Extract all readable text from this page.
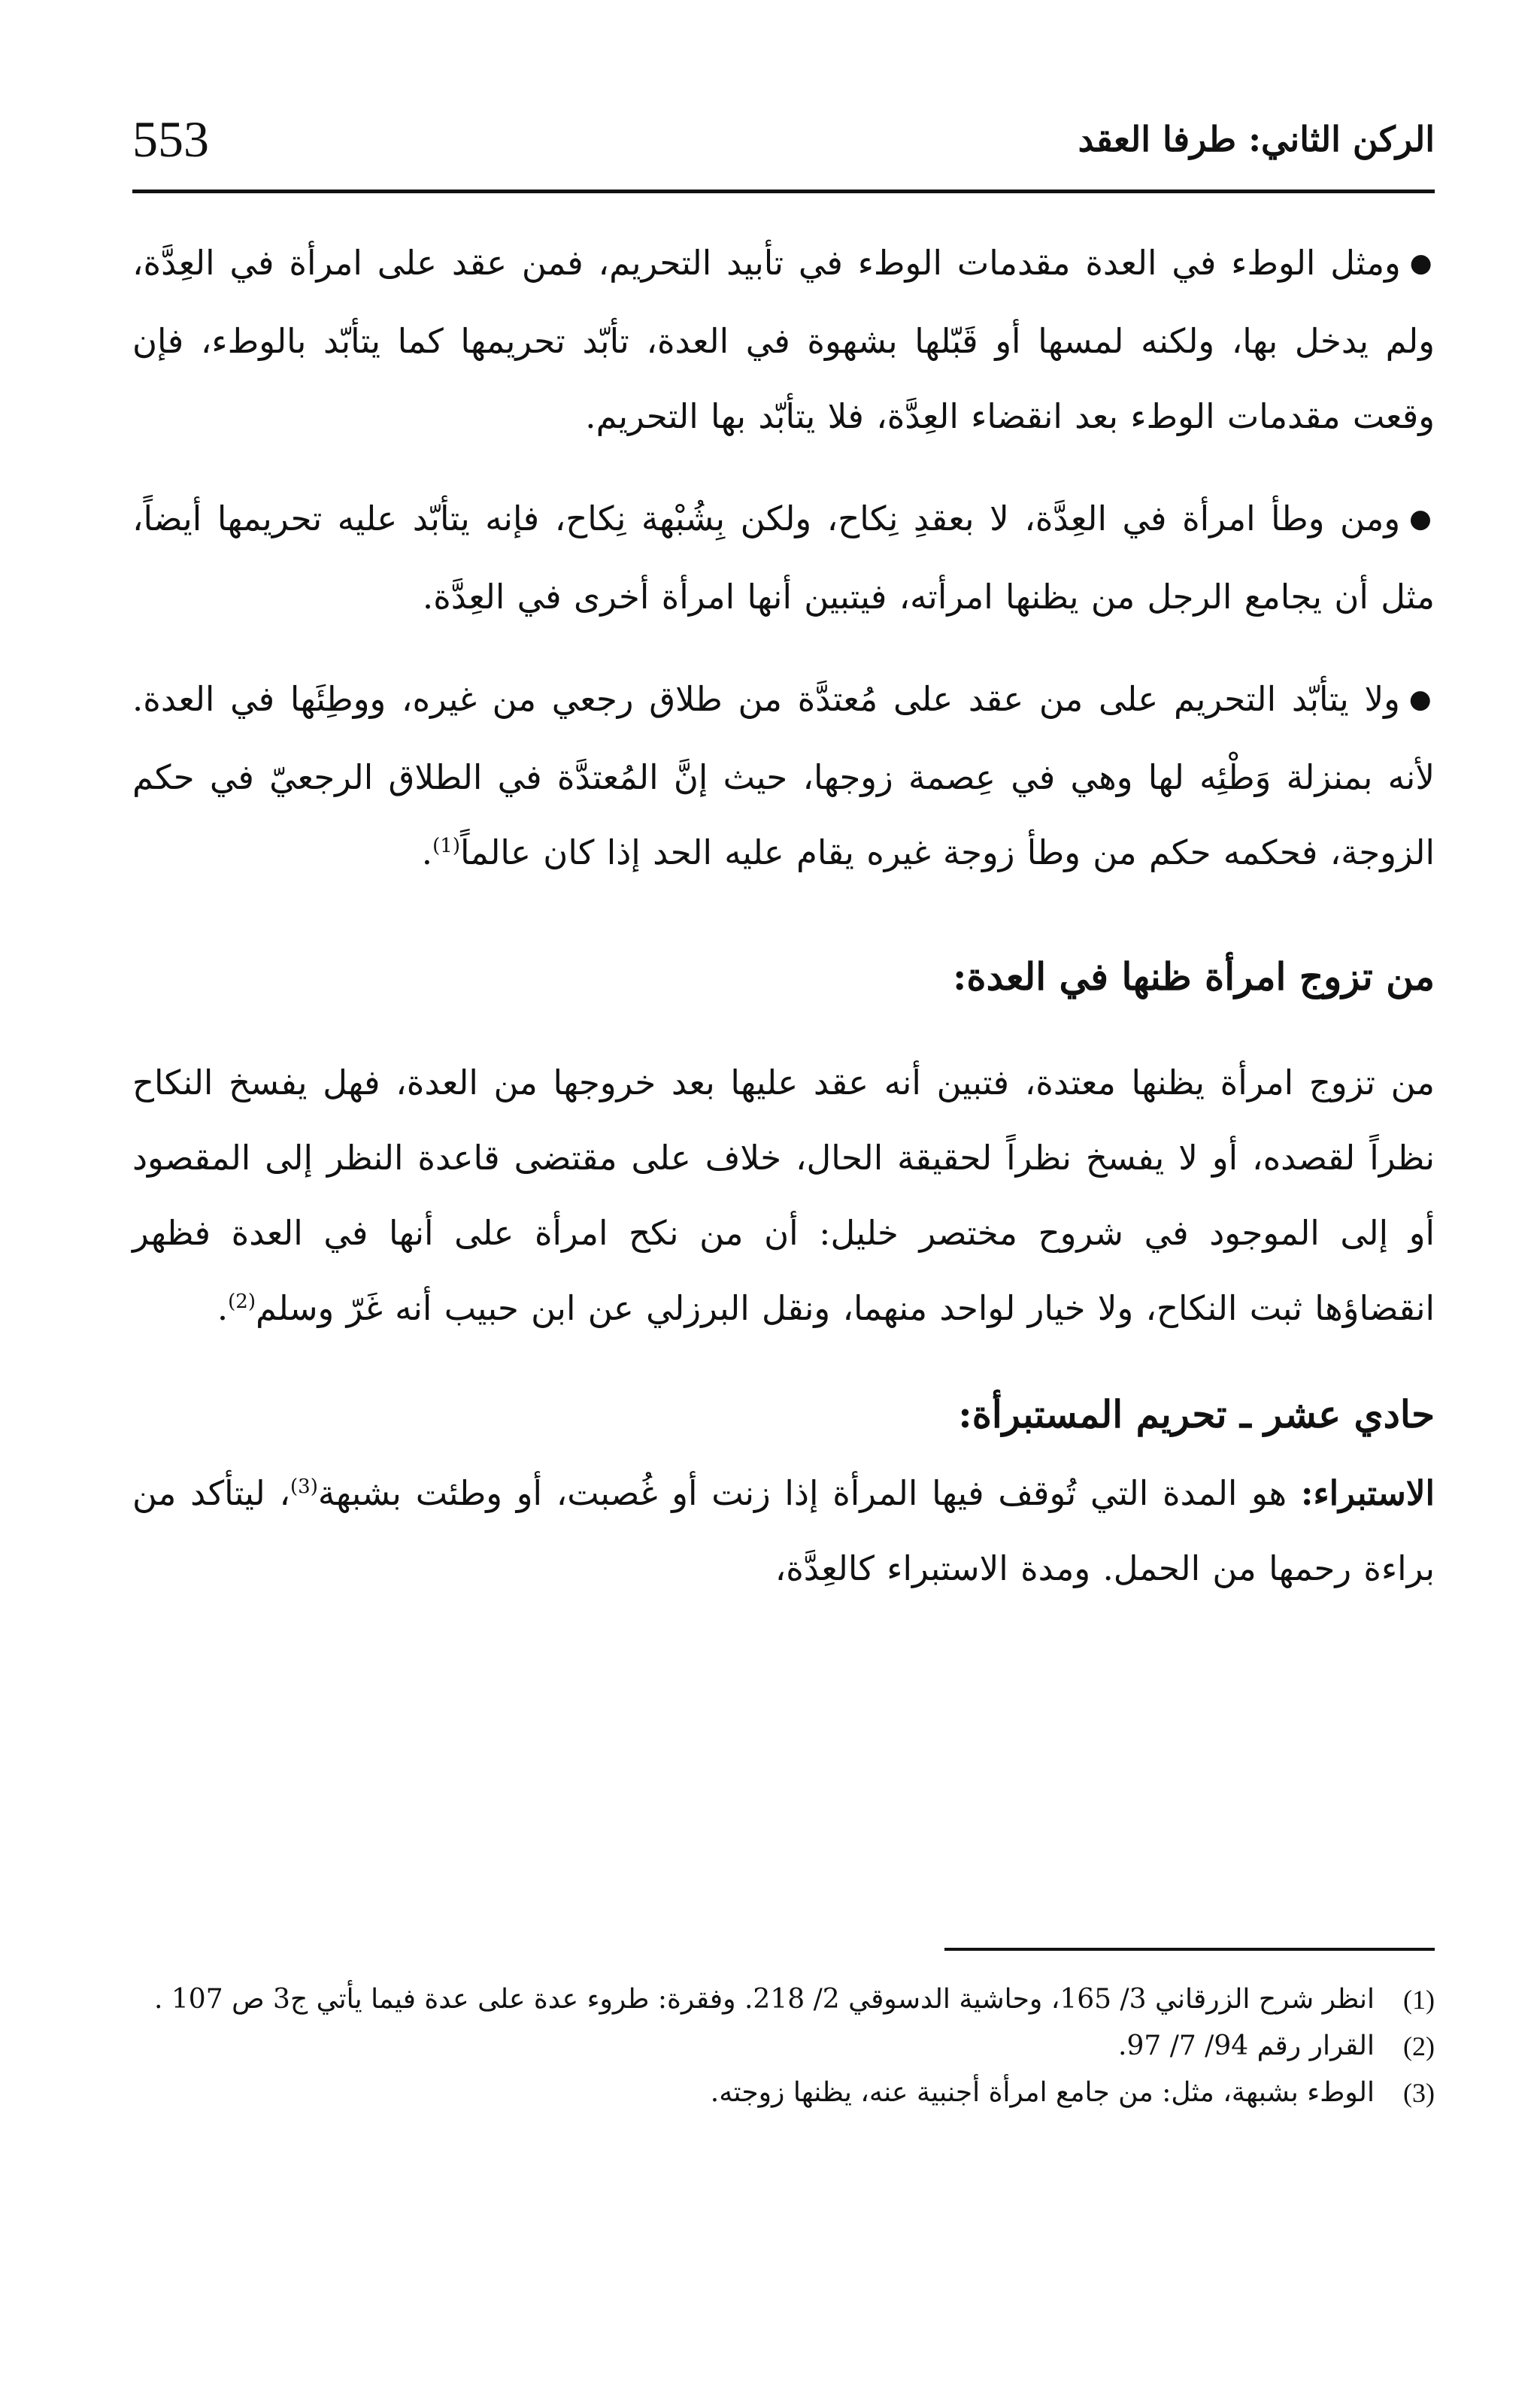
553	الركن الثاني: طرفا العقد

●ومثل الوطء في العدة مقدمات الوطء في تأبيد التحريم، فمن عقد على امرأة في العِدَّة، ولم يدخل بها، ولكنه لمسها أو قَبّلها بشهوة في العدة، تأبّد تحريمها كما يتأبّد بالوطء، فإن وقعت مقدمات الوطء بعد انقضاء العِدَّة، فلا يتأبّد بها التحريم.

●ومن وطأ امرأة في العِدَّة، لا بعقدِ نِكاح، ولكن بِشُبْهة نِكاح، فإنه يتأبّد عليه تحريمها أيضاً، مثل أن يجامع الرجل من يظنها امرأته، فيتبين أنها امرأة أخرى في العِدَّة.

●ولا يتأبّد التحريم على من عقد على مُعتدَّة من طلاق رجعي من غيره، ووطِئَها في العدة. لأنه بمنزلة وَطْئِه لها وهي في عِصمة زوجها، حيث إنَّ المُعتدَّة في الطلاق الرجعيّ في حكم الزوجة، فحكمه حكم من وطأ زوجة غيره يقام عليه الحد إذا كان عالماً$^{(1)}$.

من تزوج امرأة ظنها في العدة:

من تزوج امرأة يظنها معتدة، فتبين أنه عقد عليها بعد خروجها من العدة، فهل يفسخ النكاح نظراً لقصده، أو لا يفسخ نظراً لحقيقة الحال، خلاف على مقتضى قاعدة النظر إلى المقصود أو إلى الموجود في شروح مختصر خليل: أن من نكح امرأة على أنها في العدة فظهر انقضاؤها ثبت النكاح، ولا خيار لواحد منهما، ونقل البرزلي عن ابن حبيب أنه غَرّ وسلم$^{(2)}$.

حادي عشر ـ تحريم المستبرأة:

الاستبراء: هو المدة التي تُوقف فيها المرأة إذا زنت أو غُصبت، أو وطئت بشبهة$^{(3)}$، ليتأكد من براءة رحمها من الحمل. ومدة الاستبراء كالعِدَّة،

(1)
انظر شرح الزرقاني 3/ 165، وحاشية الدسوقي 2/ 218. وفقرة: طروء عدة على عدة فيما يأتي ج3 ص 107 .
(2)
القرار رقم 94/ 7/ 97.
(3)
الوطء بشبهة، مثل: من جامع امرأة أجنبية عنه، يظنها زوجته.
